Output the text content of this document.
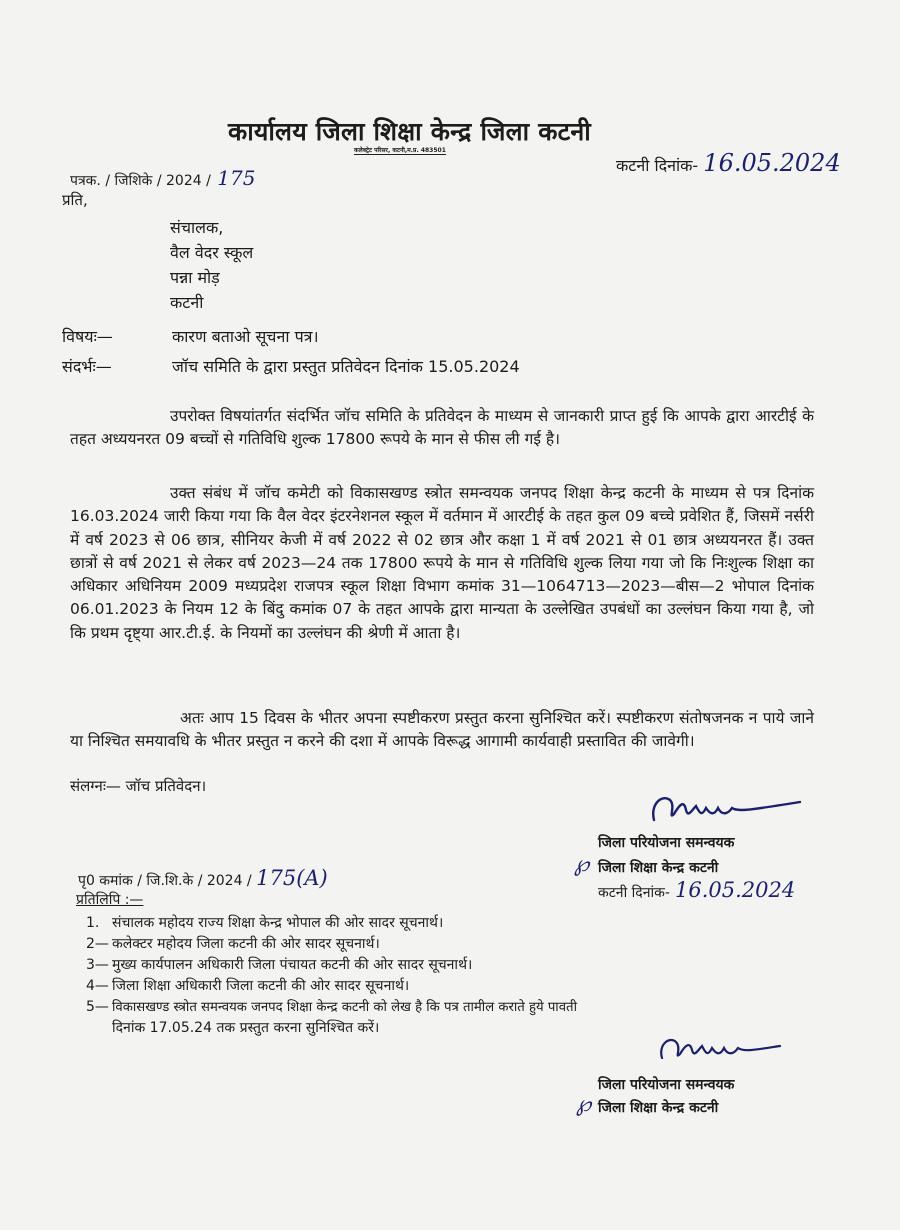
कार्यालय जिला शिक्षा केन्द्र जिला कटनी
कलेक्ट्रेट परिसर, कटनी,म.प्र. 483501
पत्रक. / जिशिके / 2024 / 175
कटनी दिनांक- 16.05.2024
प्रति,
संचालक,
वैल वेदर स्कूल
पन्ना मोड़
कटनी
विषयः—	कारण बताओ सूचना पत्र।
संदर्भः—	जॉच समिति के द्वारा प्रस्तुत प्रतिवेदन दिनांक 15.05.2024
उपरोक्त विषयांतर्गत संदर्भित जॉच समिति के प्रतिवेदन के माध्यम से जानकारी प्राप्त हुई कि आपके द्वारा आरटीई के तहत अध्ययनरत 09 बच्चों से गतिविधि शुल्क 17800 रूपये के मान से फीस ली गई है।
उक्त संबंध में जॉच कमेटी को विकासखण्ड स्त्रोत समन्वयक जनपद शिक्षा केन्द्र कटनी के माध्यम से पत्र दिनांक 16.03.2024 जारी किया गया कि वैल वेदर इंटरनेशनल स्कूल में वर्तमान में आरटीई के तहत कुल 09 बच्चे प्रवेशित हैं, जिसमें नर्सरी में वर्ष 2023 से 06 छात्र, सीनियर केजी में वर्ष 2022 से 02 छात्र और कक्षा 1 में वर्ष 2021 से 01 छात्र अध्ययनरत हैं। उक्त छात्रों से वर्ष 2021 से लेकर वर्ष 2023—24 तक 17800 रूपये के मान से गतिविधि शुल्क लिया गया जो कि निःशुल्क शिक्षा का अधिकार अधिनियम 2009 मध्यप्रदेश राजपत्र स्कूल शिक्षा विभाग कमांक 31—1064713—2023—बीस—2 भोपाल दिनांक 06.01.2023 के नियम 12 के बिंदु कमांक 07 के तहत आपके द्वारा मान्यता के उल्लेखित उपबंधों का उल्लंघन किया गया है, जो कि प्रथम दृष्ट्या आर.टी.ई. के नियमों का उल्लंघन की श्रेणी में आता है।
अतः आप 15 दिवस के भीतर अपना स्पष्टीकरण प्रस्तुत करना सुनिश्चित करें। स्पष्टीकरण संतोषजनक न पाये जाने या निश्चित समयावधि के भीतर प्रस्तुत न करने की दशा में आपके विरूद्ध आगामी कार्यवाही प्रस्तावित की जावेगी।
संलग्नः— जॉच प्रतिवेदन।
जिला परियोजना समन्वयक
℘ जिला शिक्षा केन्द्र कटनी
कटनी दिनांक- 16.05.2024
पृ0 कमांक / जि.शि.के / 2024 / 175(A)
प्रतिलिपि :—
1. संचालक महोदय राज्य शिक्षा केन्द्र भोपाल की ओर सादर सूचनार्थ।
2— कलेक्टर महोदय जिला कटनी की ओर सादर सूचनार्थ।
3— मुख्य कार्यपालन अधिकारी जिला पंचायत कटनी की ओर सादर सूचनार्थ।
4— जिला शिक्षा अधिकारी जिला कटनी की ओर सादर सूचनार्थ।
5— विकासखण्ड स्त्रोत समन्वयक जनपद शिक्षा केन्द्र कटनी को लेख है कि पत्र तामील कराते हुये पावती
दिनांक 17.05.24 तक प्रस्तुत करना सुनिश्चित करें।
जिला परियोजना समन्वयक
℘ जिला शिक्षा केन्द्र कटनी
